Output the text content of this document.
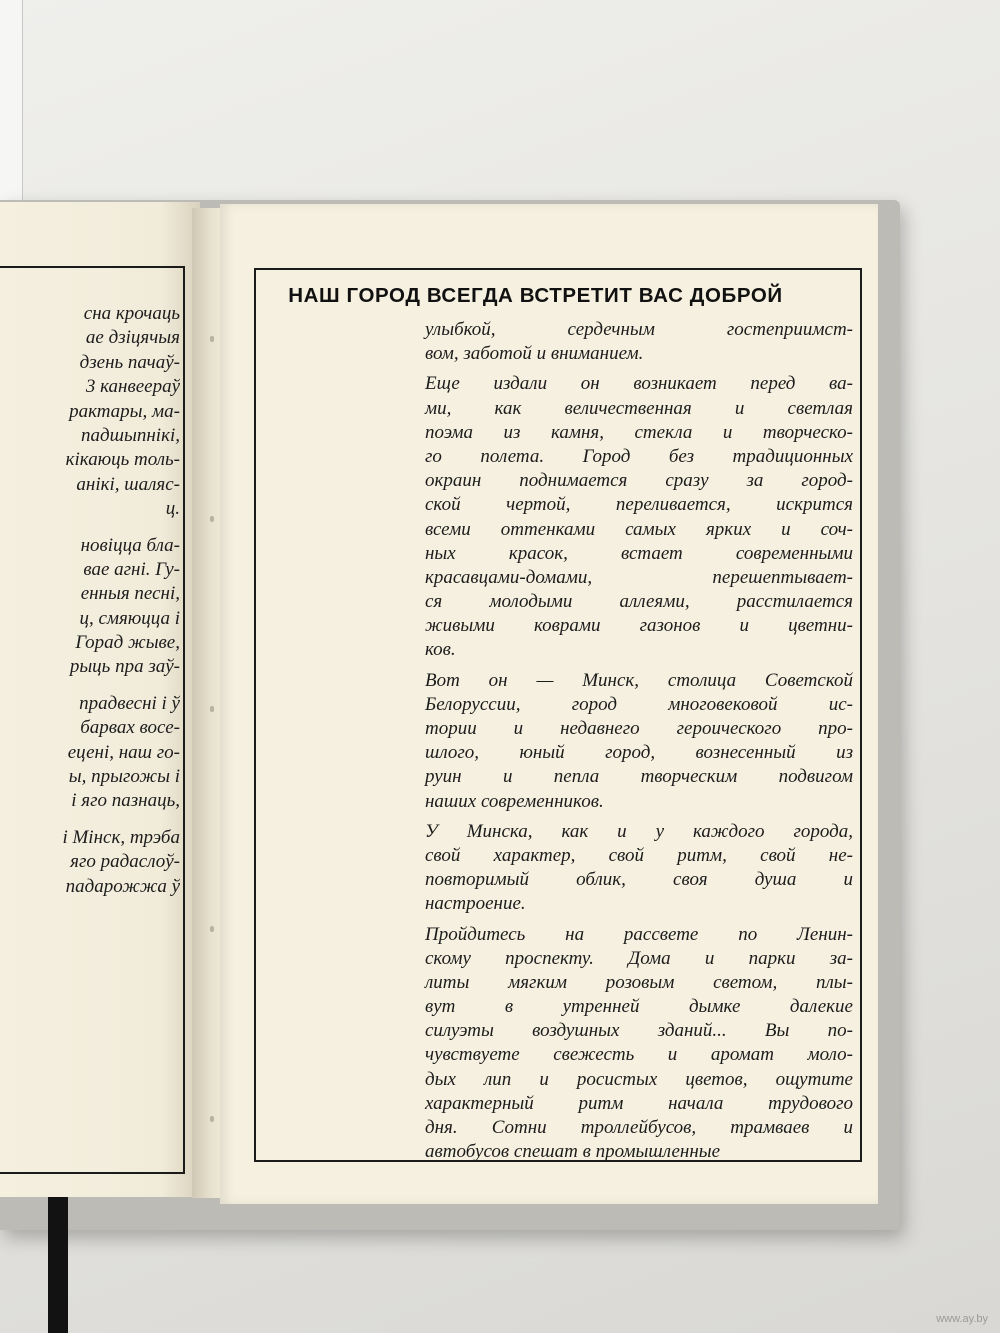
сна крочаць
ае дзіцячыя
дзень пачаў-
3 канвеераў
рактары, ма-
падшыпнікі,
кікаюць толь-
анікі, шаляс-
ц.
новіцца бла-
вае агні. Гу-
енныя песні,
ц, смяюцца і
Горад жыве,
рыць пра заў-
прадвесні і ў
барвах восе-
ецені, наш го-
ы, прыгожы і
і яго пазнаць,
і Мінск, трэба
яго радаслоў-
падарожжа ў
НАШ ГОРОД ВСЕГДА ВСТРЕТИТ ВАС ДОБРОЙ
улыбкой, сердечным гостеприимст-
вом, заботой и вниманием.
Еще издали он возникает перед ва-
ми, как величественная и светлая
поэма из камня, стекла и творческо-
го полета. Город без традиционных
окраин поднимается сразу за город-
ской чертой, переливается, искрится
всеми оттенками самых ярких и соч-
ных красок, встает современными
красавцами-домами, перешептывает-
ся молодыми аллеями, расстилается
живыми коврами газонов и цветни-
ков.
Вот он — Минск, столица Советской
Белоруссии, город многовековой ис-
тории и недавнего героического про-
шлого, юный город, вознесенный из
руин и пепла творческим подвигом
наших современников.
У Минска, как и у каждого города,
свой характер, свой ритм, свой не-
повторимый облик, своя душа и
настроение.
Пройдитесь на рассвете по Ленин-
скому проспекту. Дома и парки за-
литы мягким розовым светом, плы-
вут в утренней дымке далекие
силуэты воздушных зданий... Вы по-
чувствуете свежесть и аромат моло-
дых лип и росистых цветов, ощутите
характерный ритм начала трудового
дня. Сотни троллейбусов, трамваев и
автобусов спешат в промышленные
www.ay.by
